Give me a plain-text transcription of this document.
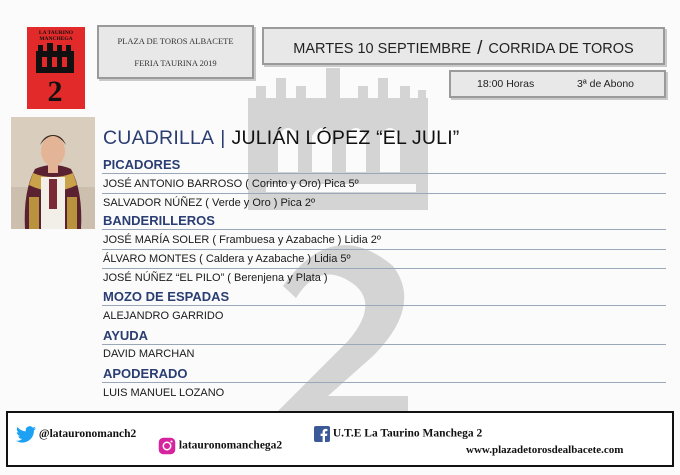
LA TAURINO
MANCHEGA
2
PLAZA DE TOROS ALBACETE
FERIA TAURINA 2019
MARTES 10 SEPTIEMBRE / CORRIDA DE TOROS
18:00 Horas	3ª de Abono
CUADRILLA | JULIÁN LÓPEZ “EL JULI”
PICADORES
JOSÉ ANTONIO BARROSO ( Corinto y Oro) Pica 5º
SALVADOR NÚÑEZ ( Verde y Oro ) Pica 2º
BANDERILLEROS
JOSÉ MARÍA SOLER ( Frambuesa y Azabache ) Lidia 2º
ÁLVARO MONTES ( Caldera y Azabache ) Lidia 5º
JOSÉ NÚÑEZ “EL PILO” ( Berenjena y Plata )
MOZO DE ESPADAS
ALEJANDRO GARRIDO
AYUDA
DAVID MARCHAN
APODERADO
LUIS MANUEL LOZANO
@latauronomanch2
latauronomanchega2
U.T.E La Taurino Manchega 2
www.plazadetorosdealbacete.com
